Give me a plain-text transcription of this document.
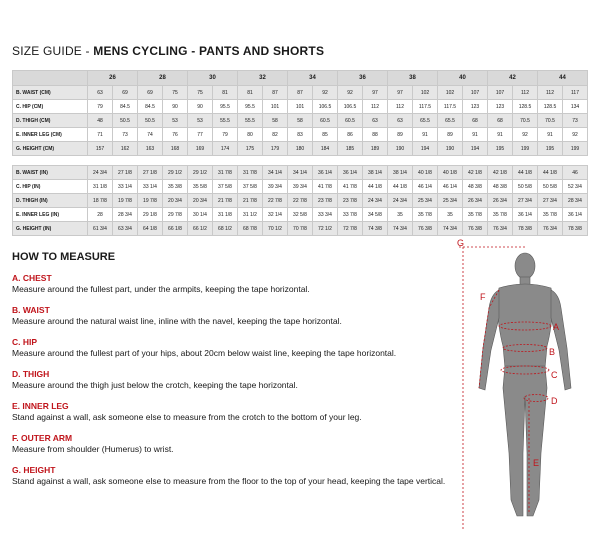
SIZE GUIDE - MENS CYCLING - PANTS AND SHORTS
	26		28		30		32		34		36		38		40		42		44	
B. WAIST (CM)	63	69	69	75	75	81	81	87	87	92	92	97	97	102	102	107	107	112	112	117
C. HIP (CM)	79	84.5	84.5	90	90	95.5	95.5	101	101	106.5	106.5	112	112	117.5	117.5	123	123	128.5	128.5	134
D. THIGH (CM)	48	50.5	50.5	53	53	55.5	55.5	58	58	60.5	60.5	63	63	65.5	65.5	68	68	70.5	70.5	73
E. INNER LEG (CM)	71	73	74	76	77	79	80	82	83	85	86	88	89	91	89	91	91	92	91	92
G. HEIGHT (CM)	157	162	163	168	169	174	175	179	180	184	185	189	190	194	190	194	195	199	195	199
B. WAIST (IN)	24 3/4	27 1/8	27 1/8	29 1/2	29 1/2	31 7/8	31 7/8	34 1/4	34 1/4	36 1/4	36 1/4	38 1/4	38 1/4	40 1/8	40 1/8	42 1/8	42 1/8	44 1/8	44 1/8	46
C. HIP (IN)	31 1/8	33 1/4	33 1/4	35 3/8	35 5/8	37 5/8	37 5/8	39 3/4	39 3/4	41 7/8	41 7/8	44 1/8	44 1/8	46 1/4	46 1/4	48 3/8	48 3/8	50 5/8	50 5/8	52 3/4
D. THIGH (IN)	18 7/8	19 7/8	19 7/8	20 3/4	20 3/4	21 7/8	21 7/8	22 7/8	22 7/8	23 7/8	23 7/8	24 3/4	24 3/4	25 3/4	25 3/4	26 3/4	26 3/4	27 3/4	27 3/4	28 3/4
E. INNER LEG (IN)	28	28 3/4	29 1/8	29 7/8	30 1/4	31 1/8	31 1/2	32 1/4	32 5/8	33 3/4	33 7/8	34 5/8	35	35 7/8	35	35 7/8	35 7/8	36 1/4	35 7/8	36 1/4
G. HEIGHT (IN)	61 3/4	63 3/4	64 1/8	66 1/8	66 1/2	68 1/2	68 7/8	70 1/2	70 7/8	72 1/2	72 7/8	74 3/8	74 3/4	76 3/8	74 3/4	76 3/8	76 3/4	78 3/8	76 3/4	78 3/8
HOW TO MEASURE
A. CHEST
Measure around the fullest part, under the armpits, keeping the tape horizontal.
B. WAIST
Measure around the natural waist line, inline with the navel, keeping the tape horizontal.
C. HIP
Measure around the fullest part of your hips, about 20cm below waist line, keeping the tape horizontal.
D. THIGH
Measure around the thigh just below the crotch, keeping the tape horizontal.
E. INNER LEG
Stand against a wall, ask someone else to measure from the crotch to the bottom of your leg.
F. OUTER ARM
Measure from shoulder (Humerus) to wrist.
G. HEIGHT
Stand against a wall, ask someone else to measure from the floor to the top of your head, keeping the tape vertical.
G
F
A
B
C
D
E
